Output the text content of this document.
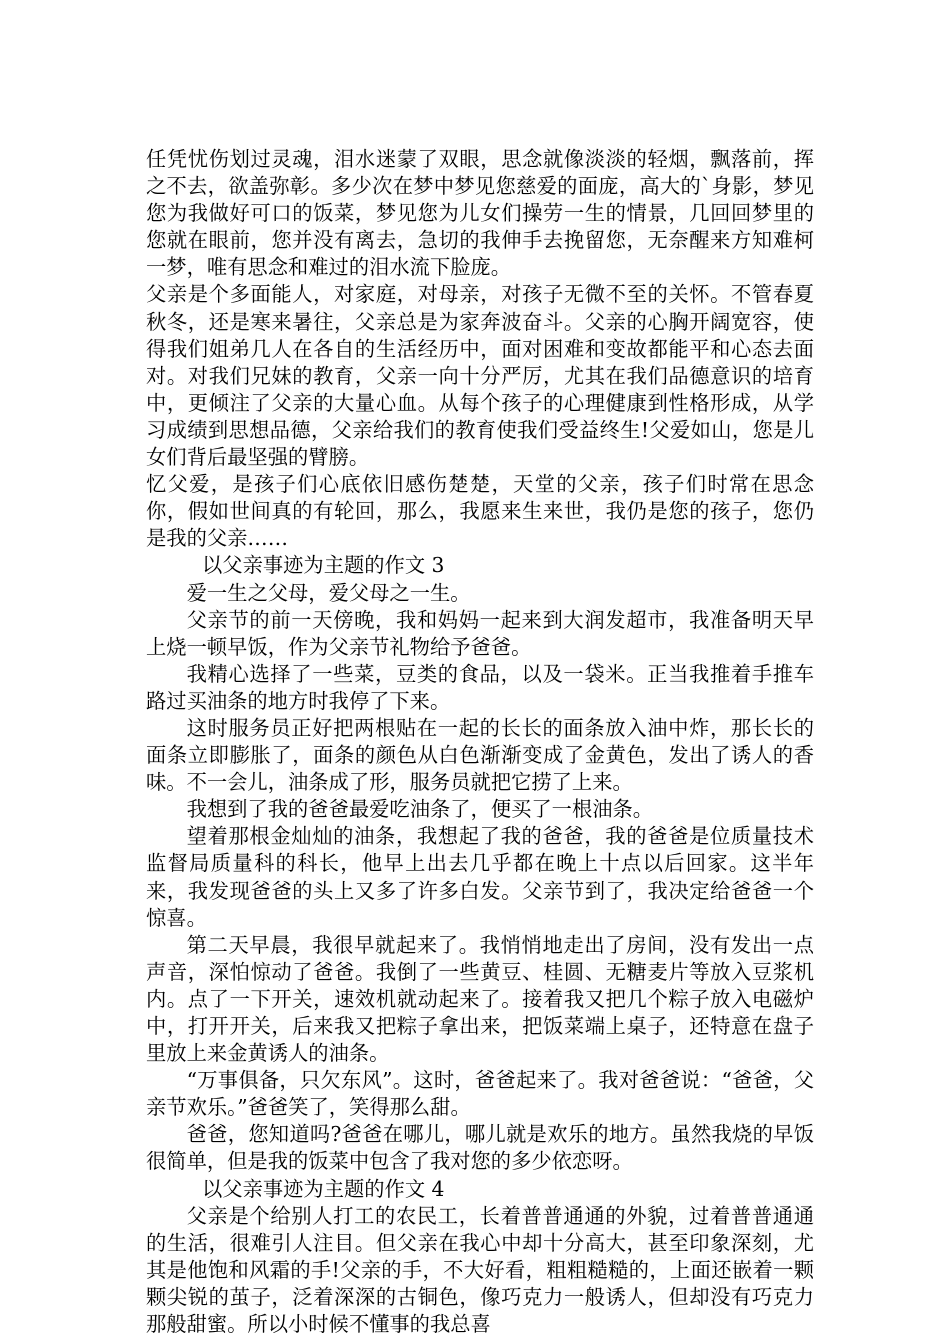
任凭忧伤划过灵魂，泪水迷蒙了双眼，思念就像淡淡的轻烟，飘落前，挥之不去，欲盖弥彰。多少次在梦中梦见您慈爱的面庞，高大的`身影，梦见您为我做好可口的饭菜，梦见您为儿女们操劳一生的情景，几回回梦里的您就在眼前，您并没有离去，急切的我伸手去挽留您，无奈醒来方知难柯一梦，唯有思念和难过的泪水流下脸庞。

父亲是个多面能人，对家庭，对母亲，对孩子无微不至的关怀。不管春夏秋冬，还是寒来暑往，父亲总是为家奔波奋斗。父亲的心胸开阔宽容，使得我们姐弟几人在各自的生活经历中，面对困难和变故都能平和心态去面对。对我们兄妹的教育，父亲一向十分严厉，尤其在我们品德意识的培育中，更倾注了父亲的大量心血。从每个孩子的心理健康到性格形成，从学习成绩到思想品德，父亲给我们的教育使我们受益终生!父爱如山，您是儿女们背后最坚强的臂膀。

忆父爱，是孩子们心底依旧感伤楚楚，天堂的父亲，孩子们时常在思念你，假如世间真的有轮回，那么，我愿来生来世，我仍是您的孩子，您仍是我的父亲……

以父亲事迹为主题的作文 3

爱一生之父母，爱父母之一生。

父亲节的前一天傍晚，我和妈妈一起来到大润发超市，我准备明天早上烧一顿早饭，作为父亲节礼物给予爸爸。

我精心选择了一些菜，豆类的食品，以及一袋米。正当我推着手推车路过买油条的地方时我停了下来。

这时服务员正好把两根贴在一起的长长的面条放入油中炸，那长长的面条立即膨胀了，面条的颜色从白色渐渐变成了金黄色，发出了诱人的香味。不一会儿，油条成了形，服务员就把它捞了上来。

我想到了我的爸爸最爱吃油条了，便买了一根油条。

望着那根金灿灿的油条，我想起了我的爸爸，我的爸爸是位质量技术监督局质量科的科长，他早上出去几乎都在晚上十点以后回家。这半年来，我发现爸爸的头上又多了许多白发。父亲节到了，我决定给爸爸一个惊喜。

第二天早晨，我很早就起来了。我悄悄地走出了房间，没有发出一点声音，深怕惊动了爸爸。我倒了一些黄豆、桂圆、无糖麦片等放入豆浆机内。点了一下开关，速效机就动起来了。接着我又把几个粽子放入电磁炉中，打开开关，后来我又把粽子拿出来，把饭菜端上桌子，还特意在盘子里放上来金黄诱人的油条。

“万事俱备，只欠东风”。这时，爸爸起来了。我对爸爸说：“爸爸，父亲节欢乐。”爸爸笑了，笑得那么甜。

爸爸，您知道吗?爸爸在哪儿，哪儿就是欢乐的地方。虽然我烧的早饭很简单，但是我的饭菜中包含了我对您的多少依恋呀。

以父亲事迹为主题的作文 4

父亲是个给别人打工的农民工，长着普普通通的外貌，过着普普通通的生活，很难引人注目。但父亲在我心中却十分高大，甚至印象深刻，尤其是他饱和风霜的手!父亲的手，不大好看，粗粗糙糙的，上面还嵌着一颗颗尖锐的茧子，泛着深深的古铜色，像巧克力一般诱人，但却没有巧克力那般甜蜜。所以小时候不懂事的我总喜
